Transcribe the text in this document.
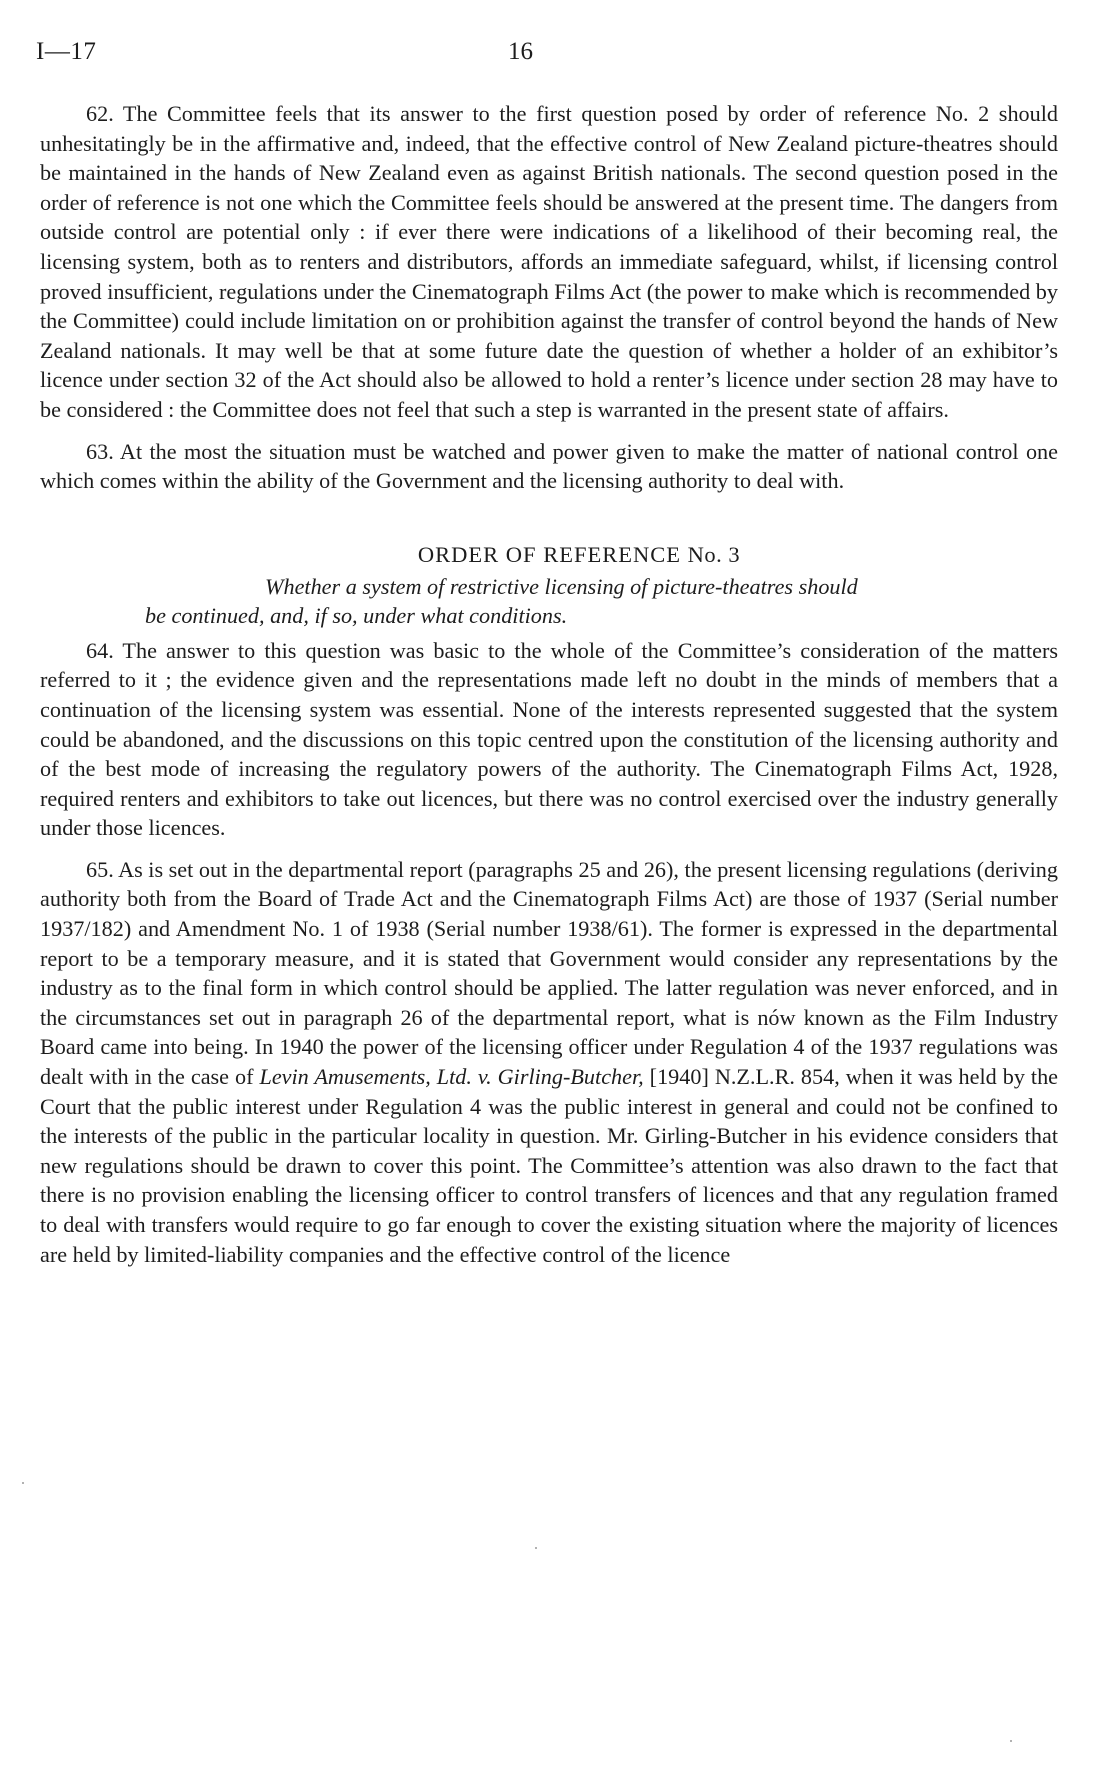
I—17	16

62. The Committee feels that its answer to the first question posed by order of reference No. 2 should unhesitatingly be in the affirmative and, indeed, that the effective control of New Zealand picture-theatres should be maintained in the hands of New Zealand even as against British nationals. The second question posed in the order of reference is not one which the Committee feels should be answered at the present time. The dangers from outside control are potential only : if ever there were indications of a likelihood of their becoming real, the licensing system, both as to renters and distributors, affords an immediate safeguard, whilst, if licensing control proved insufficient, regulations under the Cinematograph Films Act (the power to make which is recommended by the Committee) could include limitation on or prohibition against the transfer of control beyond the hands of New Zealand nationals. It may well be that at some future date the question of whether a holder of an exhibitor’s licence under section 32 of the Act should also be allowed to hold a renter’s licence under section 28 may have to be considered : the Committee does not feel that such a step is warranted in the present state of affairs.

63. At the most the situation must be watched and power given to make the matter of national control one which comes within the ability of the Government and the licensing authority to deal with.

ORDER OF REFERENCE No. 3

Whether a system of restrictive licensing of picture-theatres should
be continued, and, if so, under what conditions.

64. The answer to this question was basic to the whole of the Committee’s consideration of the matters referred to it ; the evidence given and the representations made left no doubt in the minds of members that a continuation of the licensing system was essential. None of the interests represented suggested that the system could be abandoned, and the discussions on this topic centred upon the constitution of the licensing authority and of the best mode of increasing the regulatory powers of the authority. The Cinematograph Films Act, 1928, required renters and exhibitors to take out licences, but there was no control exercised over the industry generally under those licences.

65. As is set out in the departmental report (paragraphs 25 and 26), the present licensing regulations (deriving authority both from the Board of Trade Act and the Cinematograph Films Act) are those of 1937 (Serial number 1937/182) and Amendment No. 1 of 1938 (Serial number 1938/61). The former is expressed in the departmental report to be a temporary measure, and it is stated that Government would consider any representations by the industry as to the final form in which control should be applied. The latter regulation was never enforced, and in the circumstances set out in paragraph 26 of the departmental report, what is nów known as the Film Industry Board came into being. In 1940 the power of the licensing officer under Regulation 4 of the 1937 regulations was dealt with in the case of Levin Amusements, Ltd. v. Girling-Butcher, [1940] N.Z.L.R. 854, when it was held by the Court that the public interest under Regulation 4 was the public interest in general and could not be confined to the interests of the public in the particular locality in question. Mr. Girling-Butcher in his evidence considers that new regulations should be drawn to cover this point. The Committee’s attention was also drawn to the fact that there is no provision enabling the licensing officer to control transfers of licences and that any regulation framed to deal with transfers would require to go far enough to cover the existing situation where the majority of licences are held by limited-liability companies and the effective control of the licence
